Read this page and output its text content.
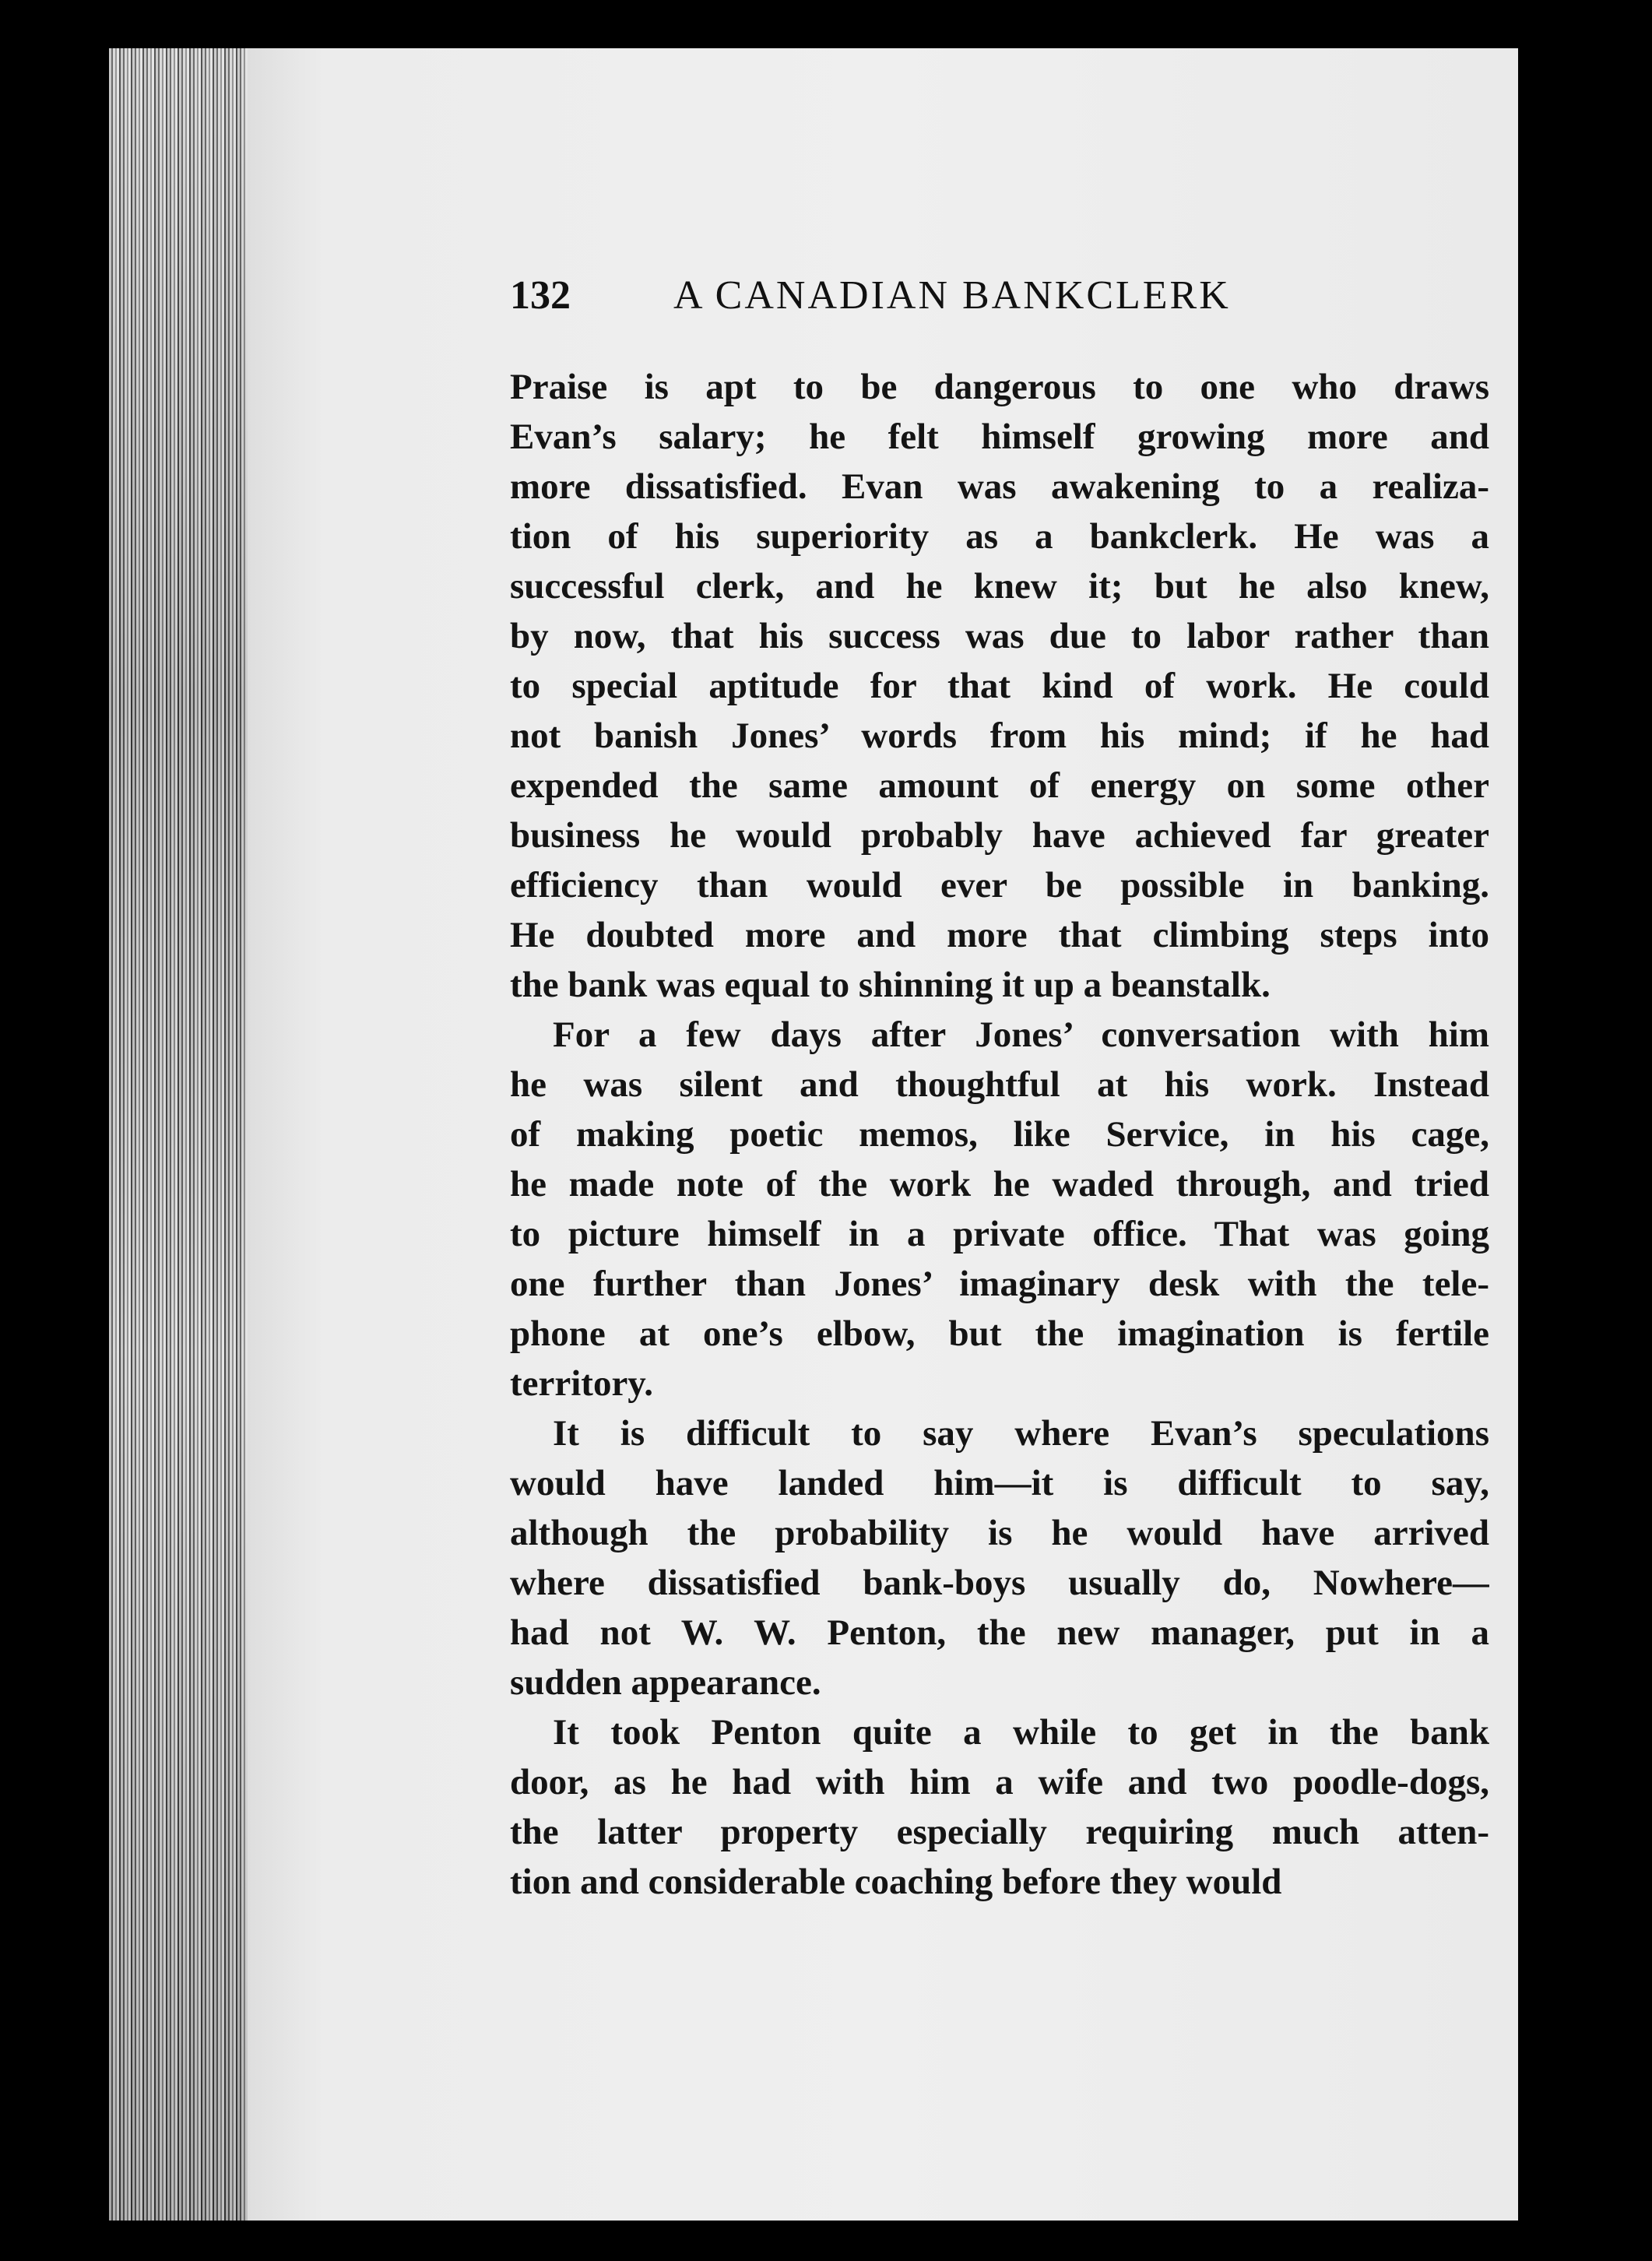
132	A CANADIAN BANKCLERK
Praise is apt to be dangerous to one who draws
Evan’s salary; he felt himself growing more and
more dissatisfied. Evan was awakening to a realiza-
tion of his superiority as a bankclerk. He was a
successful clerk, and he knew it; but he also knew,
by now, that his success was due to labor rather than
to special aptitude for that kind of work. He could
not banish Jones’ words from his mind; if he had
expended the same amount of energy on some other
business he would probably have achieved far greater
efficiency than would ever be possible in banking.
He doubted more and more that climbing steps into
the bank was equal to shinning it up a beanstalk.
For a few days after Jones’ conversation with him
he was silent and thoughtful at his work. Instead
of making poetic memos, like Service, in his cage,
he made note of the work he waded through, and tried
to picture himself in a private office. That was going
one further than Jones’ imaginary desk with the tele-
phone at one’s elbow, but the imagination is fertile
territory.
It is difficult to say where Evan’s speculations
would have landed him—it is difficult to say,
although the probability is he would have arrived
where dissatisfied bank-boys usually do, Nowhere—
had not W. W. Penton, the new manager, put in a
sudden appearance.
It took Penton quite a while to get in the bank
door, as he had with him a wife and two poodle-dogs,
the latter property especially requiring much atten-
tion and considerable coaching before they would
